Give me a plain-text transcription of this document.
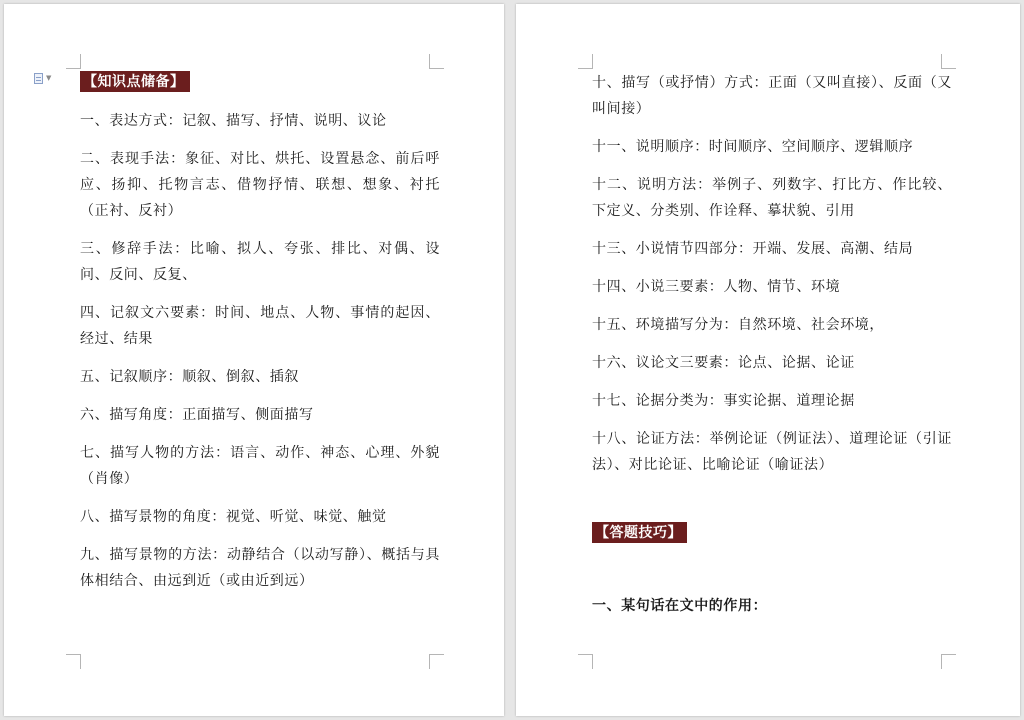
▼ 【知识点储备】

一、表达方式：记叙、描写、抒情、说明、议论

二、表现手法：象征、对比、烘托、设置悬念、前后呼应、扬抑、托物言志、借物抒情、联想、想象、衬托（正衬、反衬）

三、修辞手法：比喻、拟人、夸张、排比、对偶、设问、反问、反复、

四、记叙文六要素：时间、地点、人物、事情的起因、经过、结果

五、记叙顺序：顺叙、倒叙、插叙

六、描写角度：正面描写、侧面描写

七、描写人物的方法：语言、动作、神态、心理、外貌 （肖像）

八、描写景物的角度：视觉、听觉、味觉、触觉

九、描写景物的方法：动静结合（以动写静）、概括与具体相结合、由远到近（或由近到远）

十、描写（或抒情）方式：正面（又叫直接）、反面（又叫间接）

十一、说明顺序：时间顺序、空间顺序、逻辑顺序

十二、说明方法：举例子、列数字、打比方、作比较、下定义、分类别、作诠释、摹状貌、引用

十三、小说情节四部分：开端、发展、高潮、结局

十四、小说三要素：人物、情节、环境

十五、环境描写分为：自然环境、社会环境，

十六、议论文三要素：论点、论据、论证

十七、论据分类为：事实论据、道理论据

十八、论证方法：举例论证（例证法）、道理论证（引证法）、对比论证、比喻论证（喻证法）

【答题技巧】
一、某句话在文中的作用：
